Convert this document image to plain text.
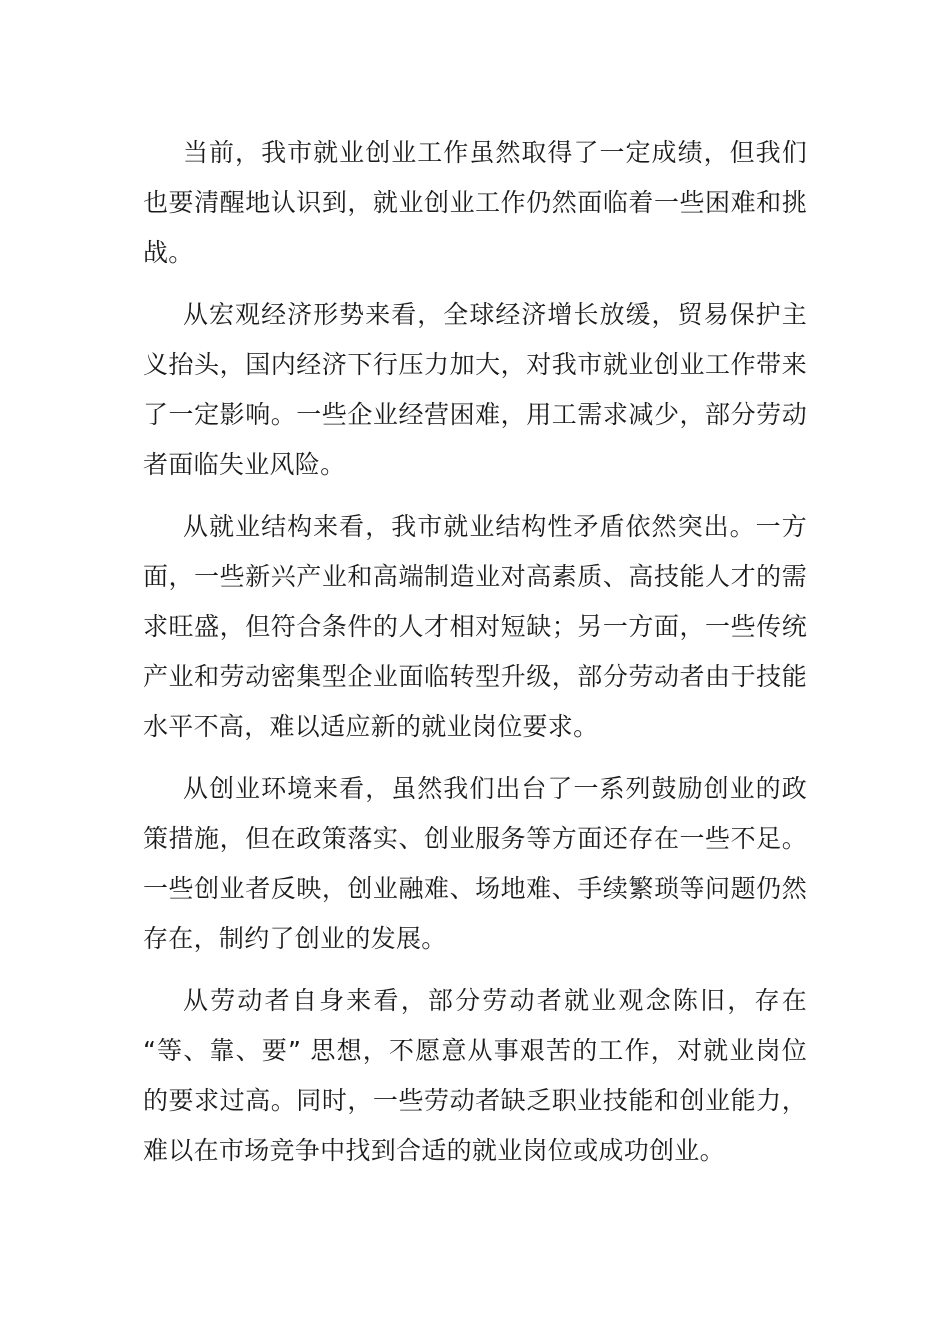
当前，我市就业创业工作虽然取得了一定成绩，但我们也要清醒地认识到，就业创业工作仍然面临着一些困难和挑战。

从宏观经济形势来看，全球经济增长放缓，贸易保护主义抬头，国内经济下行压力加大，对我市就业创业工作带来了一定影响。一些企业经营困难，用工需求减少，部分劳动者面临失业风险。

从就业结构来看，我市就业结构性矛盾依然突出。一方面，一些新兴产业和高端制造业对高素质、高技能人才的需求旺盛，但符合条件的人才相对短缺；另一方面，一些传统产业和劳动密集型企业面临转型升级，部分劳动者由于技能水平不高，难以适应新的就业岗位要求。

从创业环境来看，虽然我们出台了一系列鼓励创业的政策措施，但在政策落实、创业服务等方面还存在一些不足。一些创业者反映，创业融难、场地难、手续繁琐等问题仍然存在，制约了创业的发展。

从劳动者自身来看，部分劳动者就业观念陈旧，存在 “等、靠、要” 思想，不愿意从事艰苦的工作，对就业岗位的要求过高。同时，一些劳动者缺乏职业技能和创业能力，难以在市场竞争中找到合适的就业岗位或成功创业。
